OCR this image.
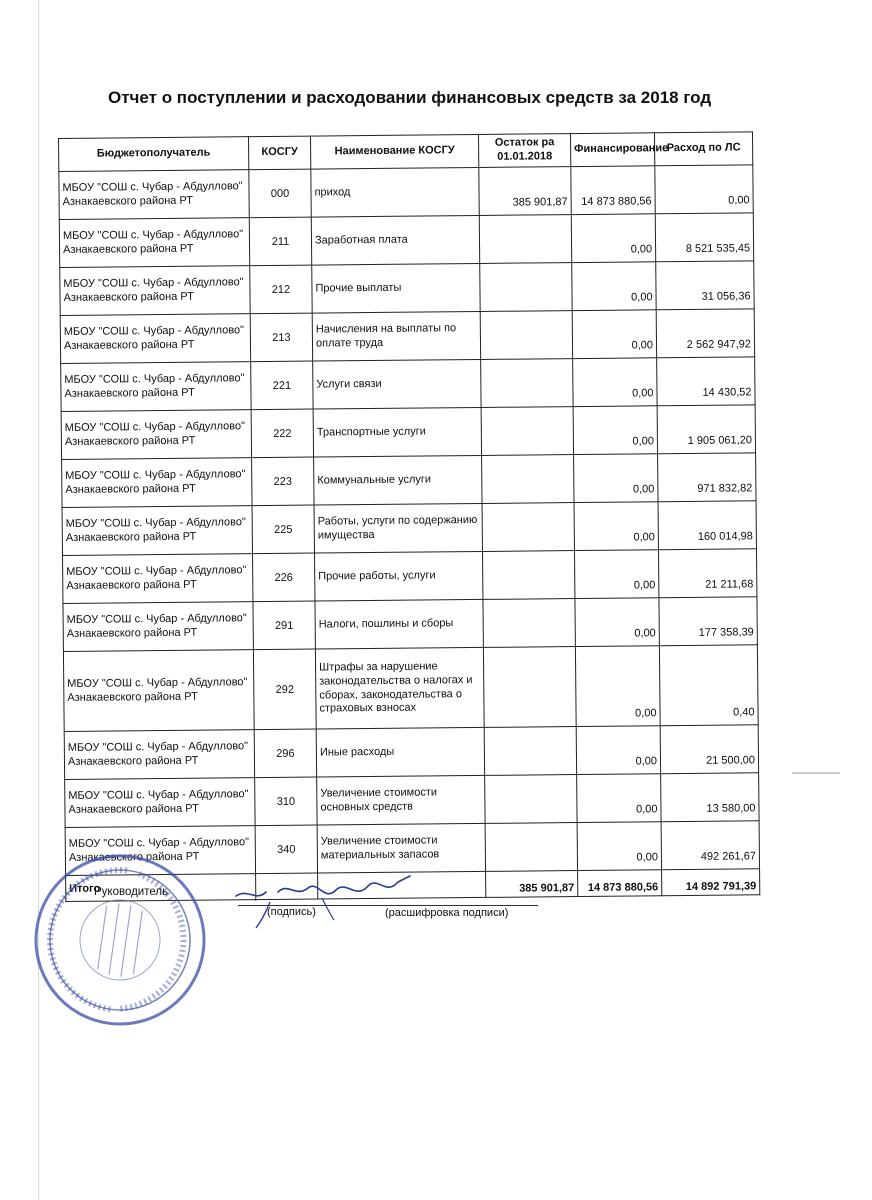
Отчет о поступлении и расходовании финансовых средств за 2018 год
Бюджетополучатель	КОСГУ	Наименование КОСГУ	Остаток ра 01.01.2018	Финансирование	Расход по ЛС
МБОУ "СОШ с. Чубар - Абдуллово" Азнакаевского района РТ	000	приход	385 901,87	14 873 880,56	0,00
МБОУ "СОШ с. Чубар - Абдуллово" Азнакаевского района РТ	211	Заработная плата		0,00	8 521 535,45
МБОУ "СОШ с. Чубар - Абдуллово" Азнакаевского района РТ	212	Прочие выплаты		0,00	31 056,36
МБОУ "СОШ с. Чубар - Абдуллово" Азнакаевского района РТ	213	Начисления на выплаты по оплате труда		0,00	2 562 947,92
МБОУ "СОШ с. Чубар - Абдуллово" Азнакаевского района РТ	221	Услуги связи		0,00	14 430,52
МБОУ "СОШ с. Чубар - Абдуллово" Азнакаевского района РТ	222	Транспортные услуги		0,00	1 905 061,20
МБОУ "СОШ с. Чубар - Абдуллово" Азнакаевского района РТ	223	Коммунальные услуги		0,00	971 832,82
МБОУ "СОШ с. Чубар - Абдуллово" Азнакаевского района РТ	225	Работы, услуги по содержанию имущества		0,00	160 014,98
МБОУ "СОШ с. Чубар - Абдуллово" Азнакаевского района РТ	226	Прочие работы, услуги		0,00	21 211,68
МБОУ "СОШ с. Чубар - Абдуллово" Азнакаевского района РТ	291	Налоги, пошлины и сборы		0,00	177 358,39
МБОУ "СОШ с. Чубар - Абдуллово" Азнакаевского района РТ	292	Штрафы за нарушение законодательства о налогах и сборах, законодательства о страховых взносах		0,00	0,40
МБОУ "СОШ с. Чубар - Абдуллово" Азнакаевского района РТ	296	Иные расходы		0,00	21 500,00
МБОУ "СОШ с. Чубар - Абдуллово" Азнакаевского района РТ	310	Увеличение стоимости основных средств		0,00	13 580,00
МБОУ "СОШ с. Чубар - Абдуллово" Азнакаевского района РТ	340	Увеличение стоимости материальных запасов		0,00	492 261,67
Итого			385 901,87	14 873 880,56	14 892 791,39
Руководитель
(подпись)	(расшифровка подписи)
